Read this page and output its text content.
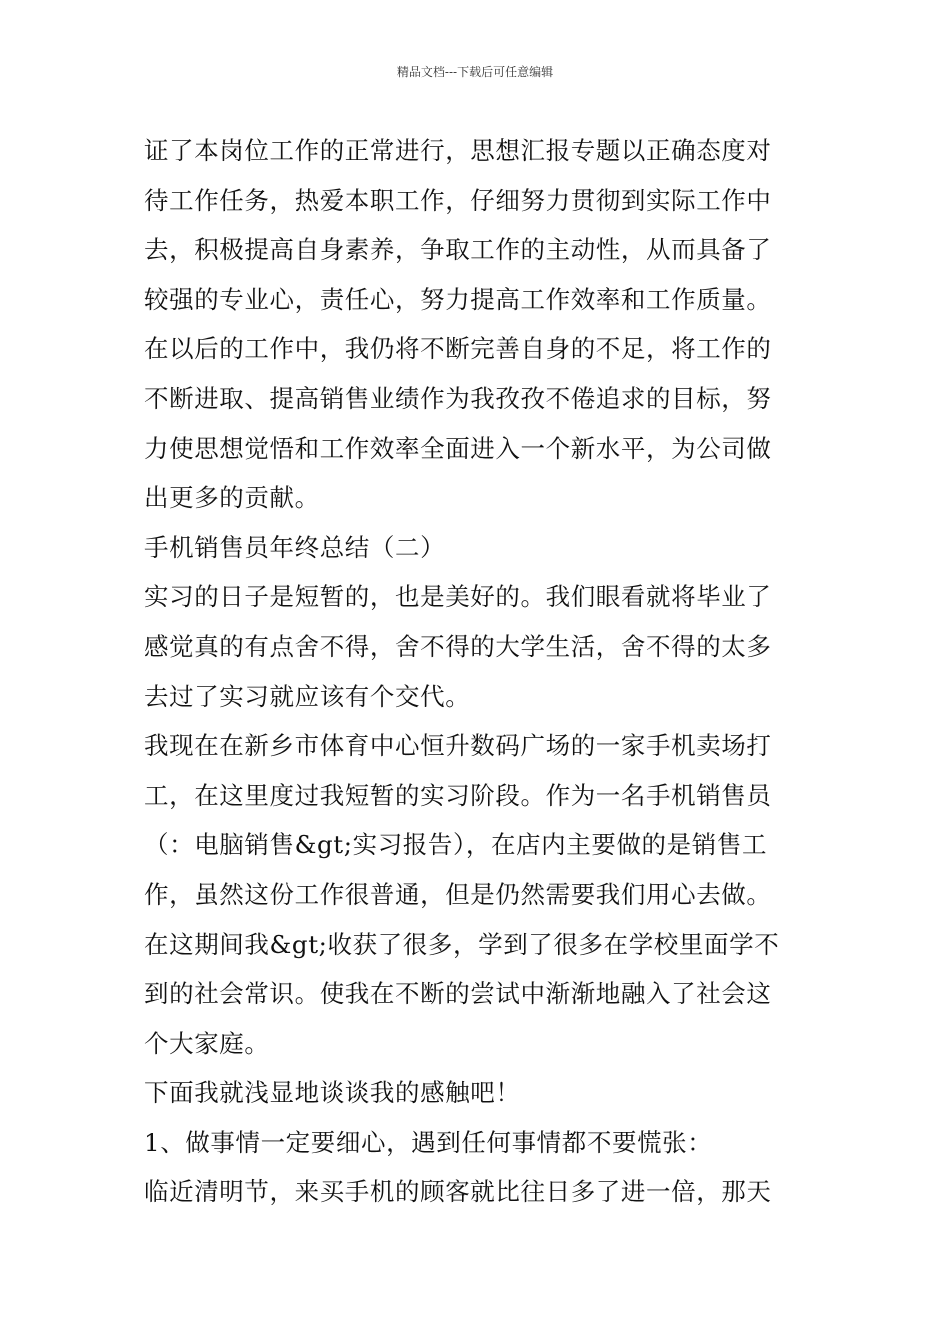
精品文档---下载后可任意编辑
证了本岗位工作的正常进行，思想汇报专题以正确态度对
待工作任务，热爱本职工作，仔细努力贯彻到实际工作中
去，积极提高自身素养，争取工作的主动性，从而具备了
较强的专业心，责任心，努力提高工作效率和工作质量。
在以后的工作中，我仍将不断完善自身的不足，将工作的
不断进取、提高销售业绩作为我孜孜不倦追求的目标，努
力使思想觉悟和工作效率全面进入一个新水平，为公司做
出更多的贡献。
手机销售员年终总结（二）
实习的日子是短暂的，也是美好的。我们眼看就将毕业了
感觉真的有点舍不得，舍不得的大学生活，舍不得的太多
去过了实习就应该有个交代。
我现在在新乡市体育中心恒升数码广场的一家手机卖场打
工，在这里度过我短暂的实习阶段。作为一名手机销售员
（：电脑销售&gt;实习报告），在店内主要做的是销售工
作，虽然这份工作很普通，但是仍然需要我们用心去做。
在这期间我&gt;收获了很多，学到了很多在学校里面学不
到的社会常识。使我在不断的尝试中渐渐地融入了社会这
个大家庭。
下面我就浅显地谈谈我的感触吧！
1、做事情一定要细心，遇到任何事情都不要慌张：
临近清明节，来买手机的顾客就比往日多了进一倍，那天
